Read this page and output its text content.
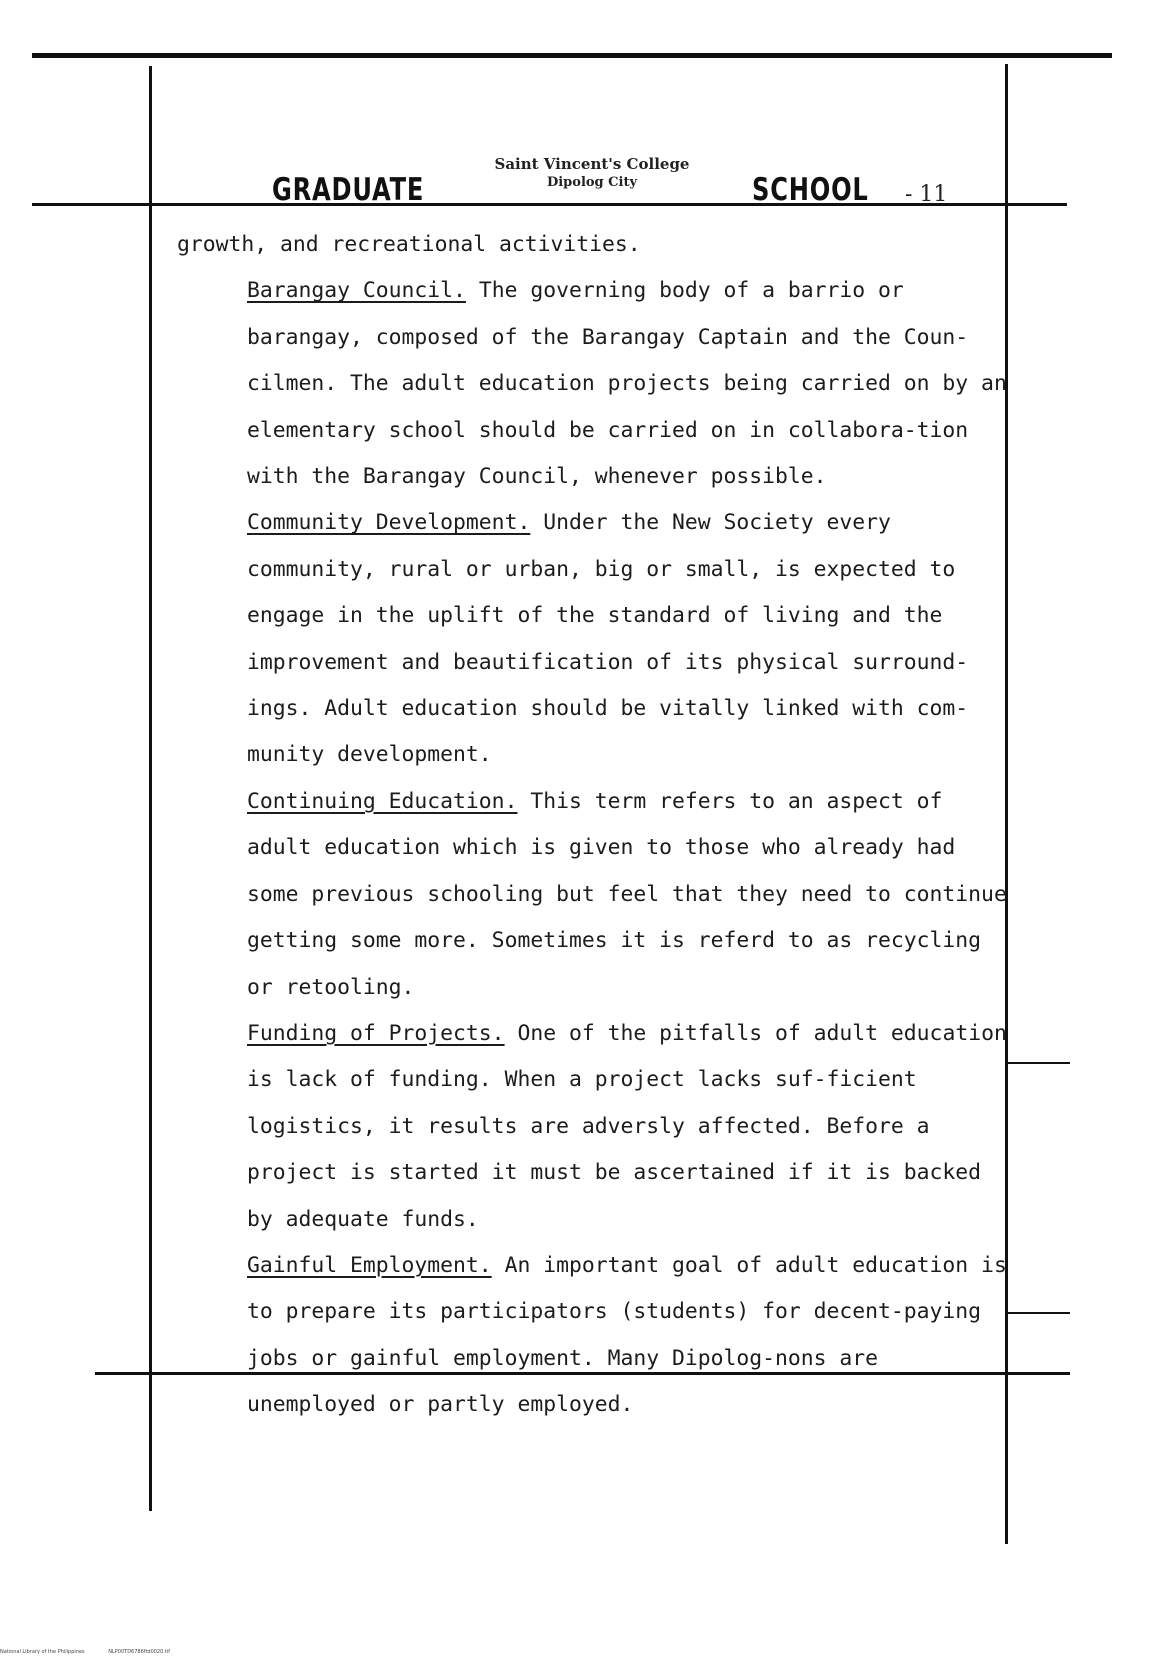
GRADUATE
Saint Vincent's College
Dipolog City	SCHOOL - 11

growth, and recreational activities.

Barangay Council. The governing body of a barrio or barangay, composed of the Barangay Captain and the Coun-cilmen. The adult education projects being carried on by an elementary school should be carried on in collabora-tion with the Barangay Council, whenever possible.

Community Development. Under the New Society every community, rural or urban, big or small, is expected to engage in the uplift of the standard of living and the improvement and beautification of its physical surround-ings. Adult education should be vitally linked with com-munity development.

Continuing Education. This term refers to an aspect of adult education which is given to those who already had some previous schooling but feel that they need to continue getting some more. Sometimes it is referd to as recycling or retooling.

Funding of Projects. One of the pitfalls of adult education is lack of funding. When a project lacks suf-ficient logistics, it results are adversly affected. Before a project is started it must be ascertained if it is backed by adequate funds.

Gainful Employment. An important goal of adult education is to prepare its participators (students) for decent-paying jobs or gainful employment. Many Dipolog-nons are unemployed or partly employed.

National Library of the Philippines	NLP00TD6786ftd0020.tif
